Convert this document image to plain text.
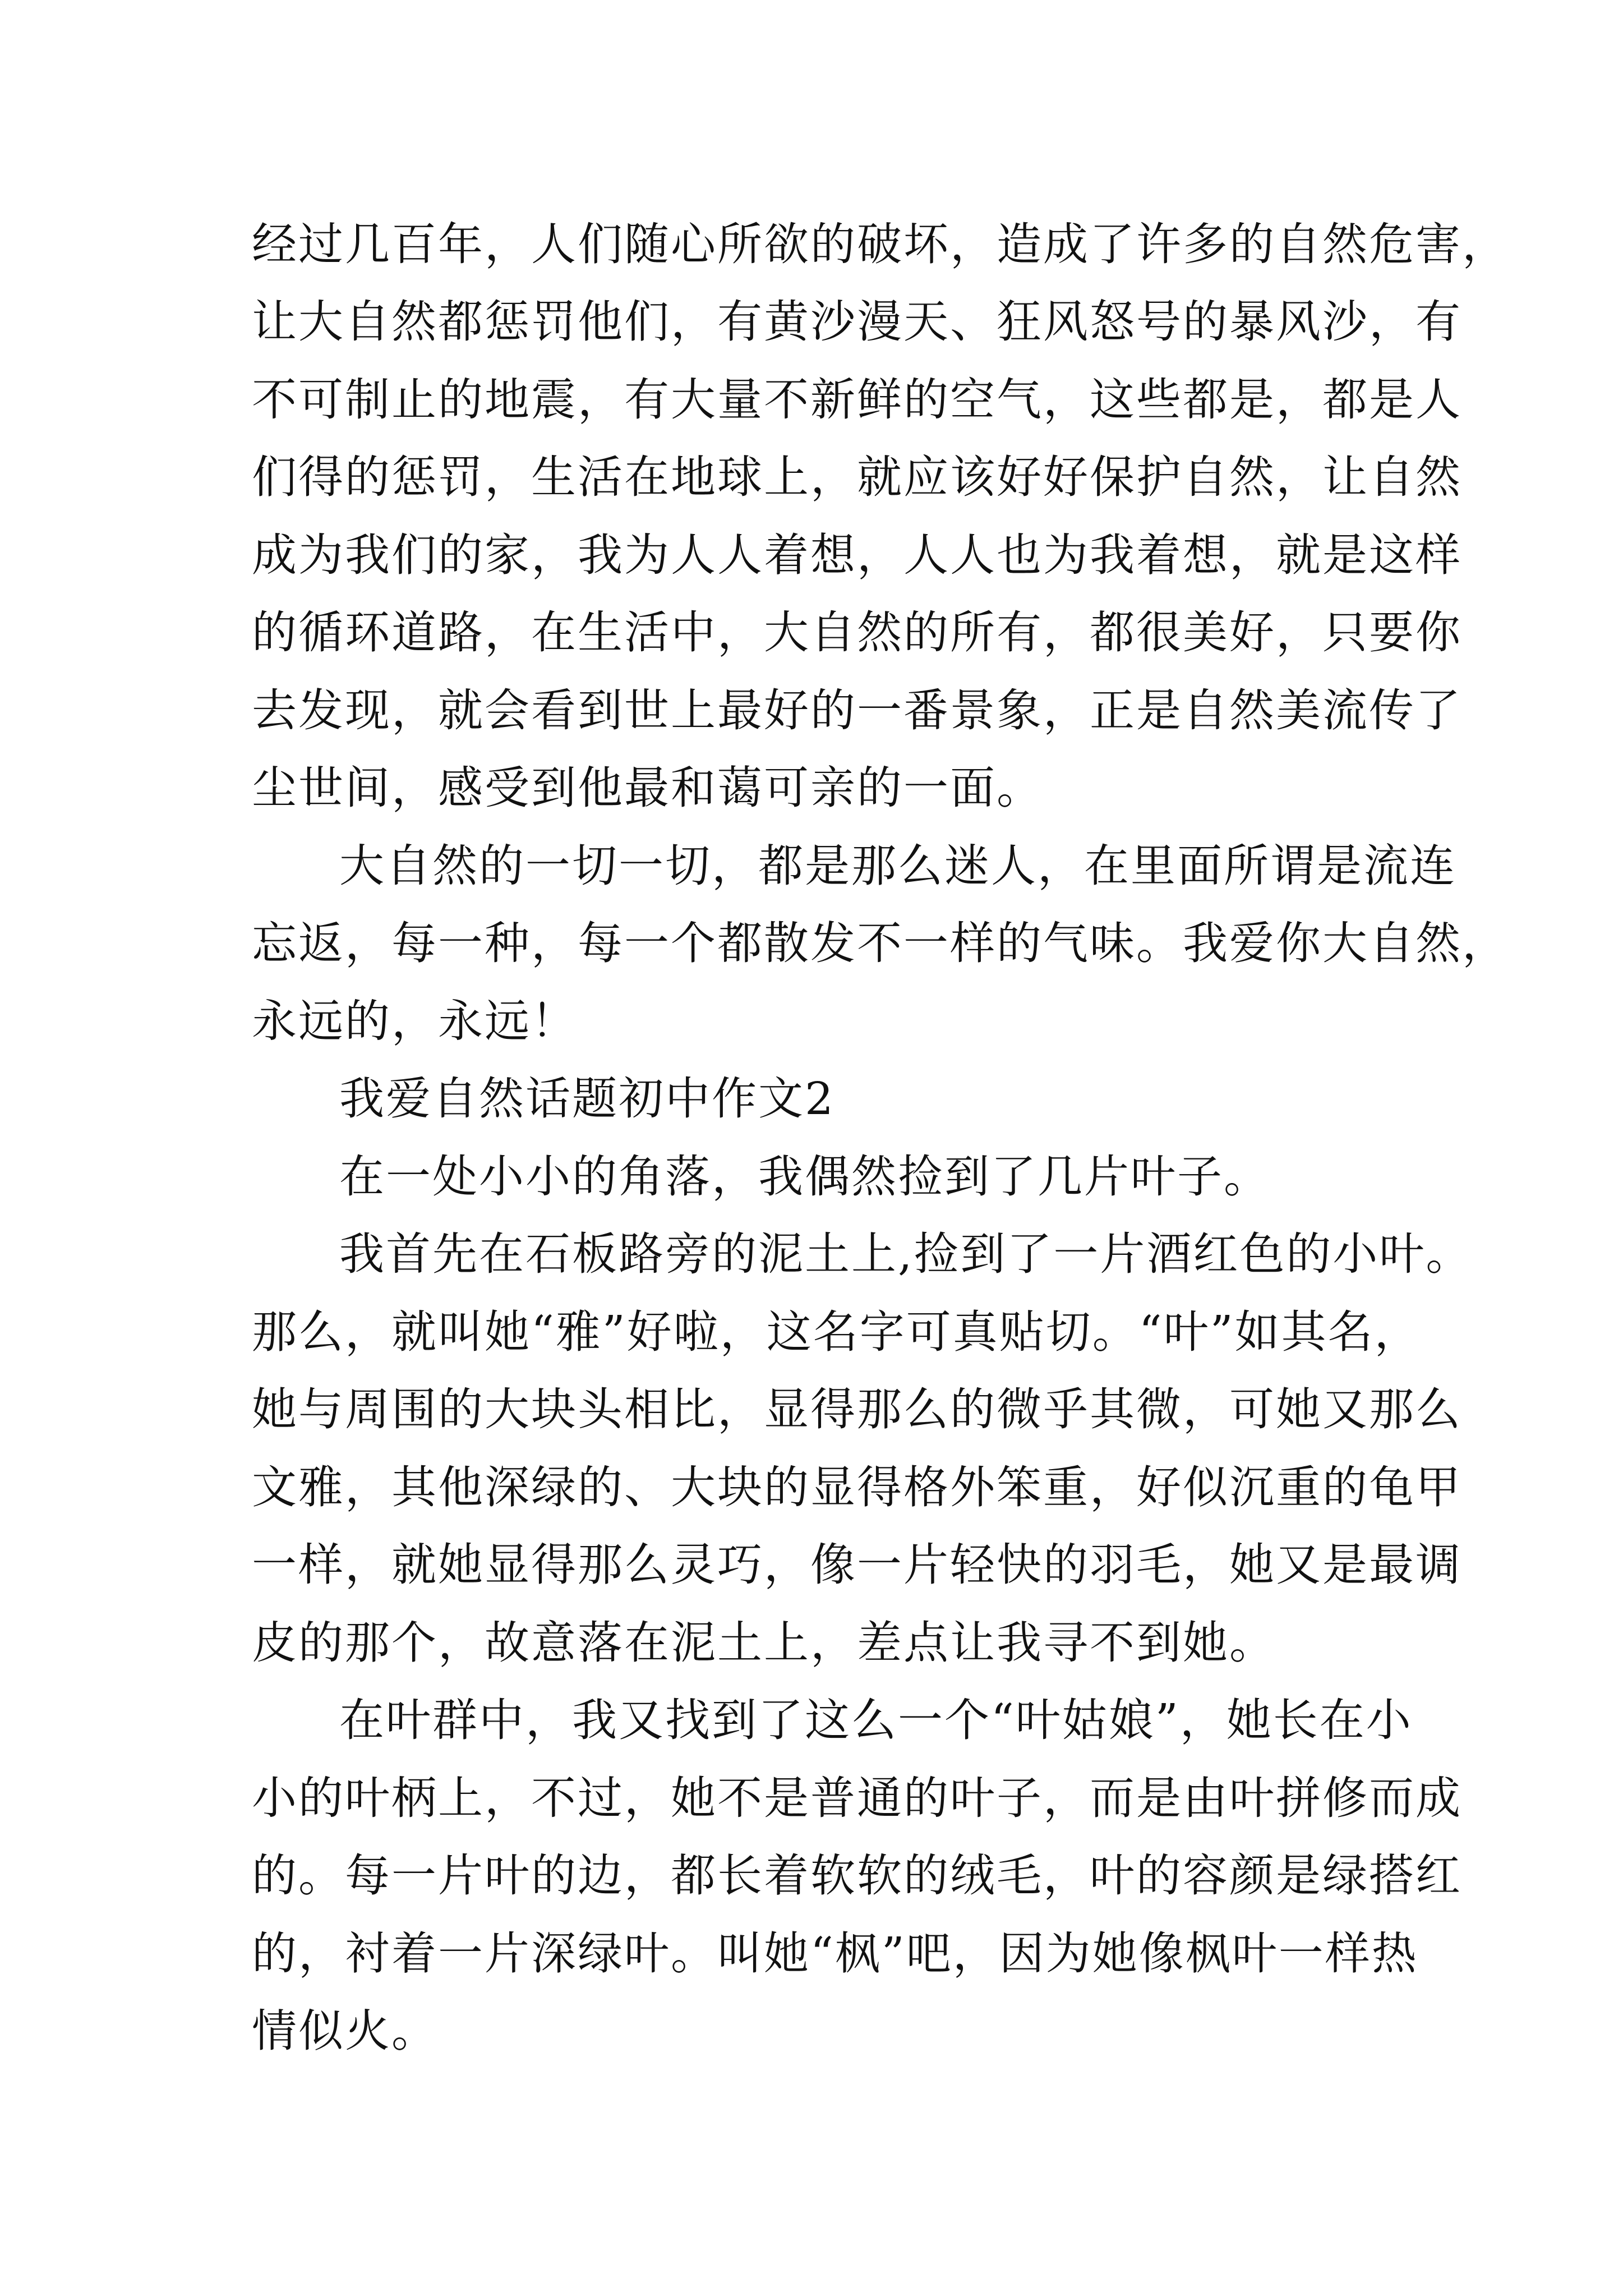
经过几百年，人们随心所欲的破坏，造成了许多的自然危害，
让大自然都惩罚他们，有黄沙漫天、狂风怒号的暴风沙，有
不可制止的地震，有大量不新鲜的空气，这些都是，都是人
们得的惩罚，生活在地球上，就应该好好保护自然，让自然
成为我们的家，我为人人着想，人人也为我着想，就是这样
的循环道路，在生活中，大自然的所有，都很美好，只要你
去发现，就会看到世上最好的一番景象，正是自然美流传了
尘世间，感受到他最和蔼可亲的一面。
大自然的一切一切，都是那么迷人，在里面所谓是流连
忘返，每一种，每一个都散发不一样的气味。我爱你大自然，
永远的，永远！
我爱自然话题初中作文2
在一处小小的角落，我偶然捡到了几片叶子。
我首先在石板路旁的泥土上,捡到了一片酒红色的小叶。
那么，就叫她“雅”好啦，这名字可真贴切。“叶”如其名，
她与周围的大块头相比，显得那么的微乎其微，可她又那么
文雅，其他深绿的、大块的显得格外笨重，好似沉重的龟甲
一样，就她显得那么灵巧，像一片轻快的羽毛，她又是最调
皮的那个，故意落在泥土上，差点让我寻不到她。
在叶群中，我又找到了这么一个“叶姑娘”，她长在小
小的叶柄上，不过，她不是普通的叶子，而是由叶拼修而成
的。每一片叶的边，都长着软软的绒毛，叶的容颜是绿搭红
的，衬着一片深绿叶。叫她“枫”吧，因为她像枫叶一样热
情似火。
